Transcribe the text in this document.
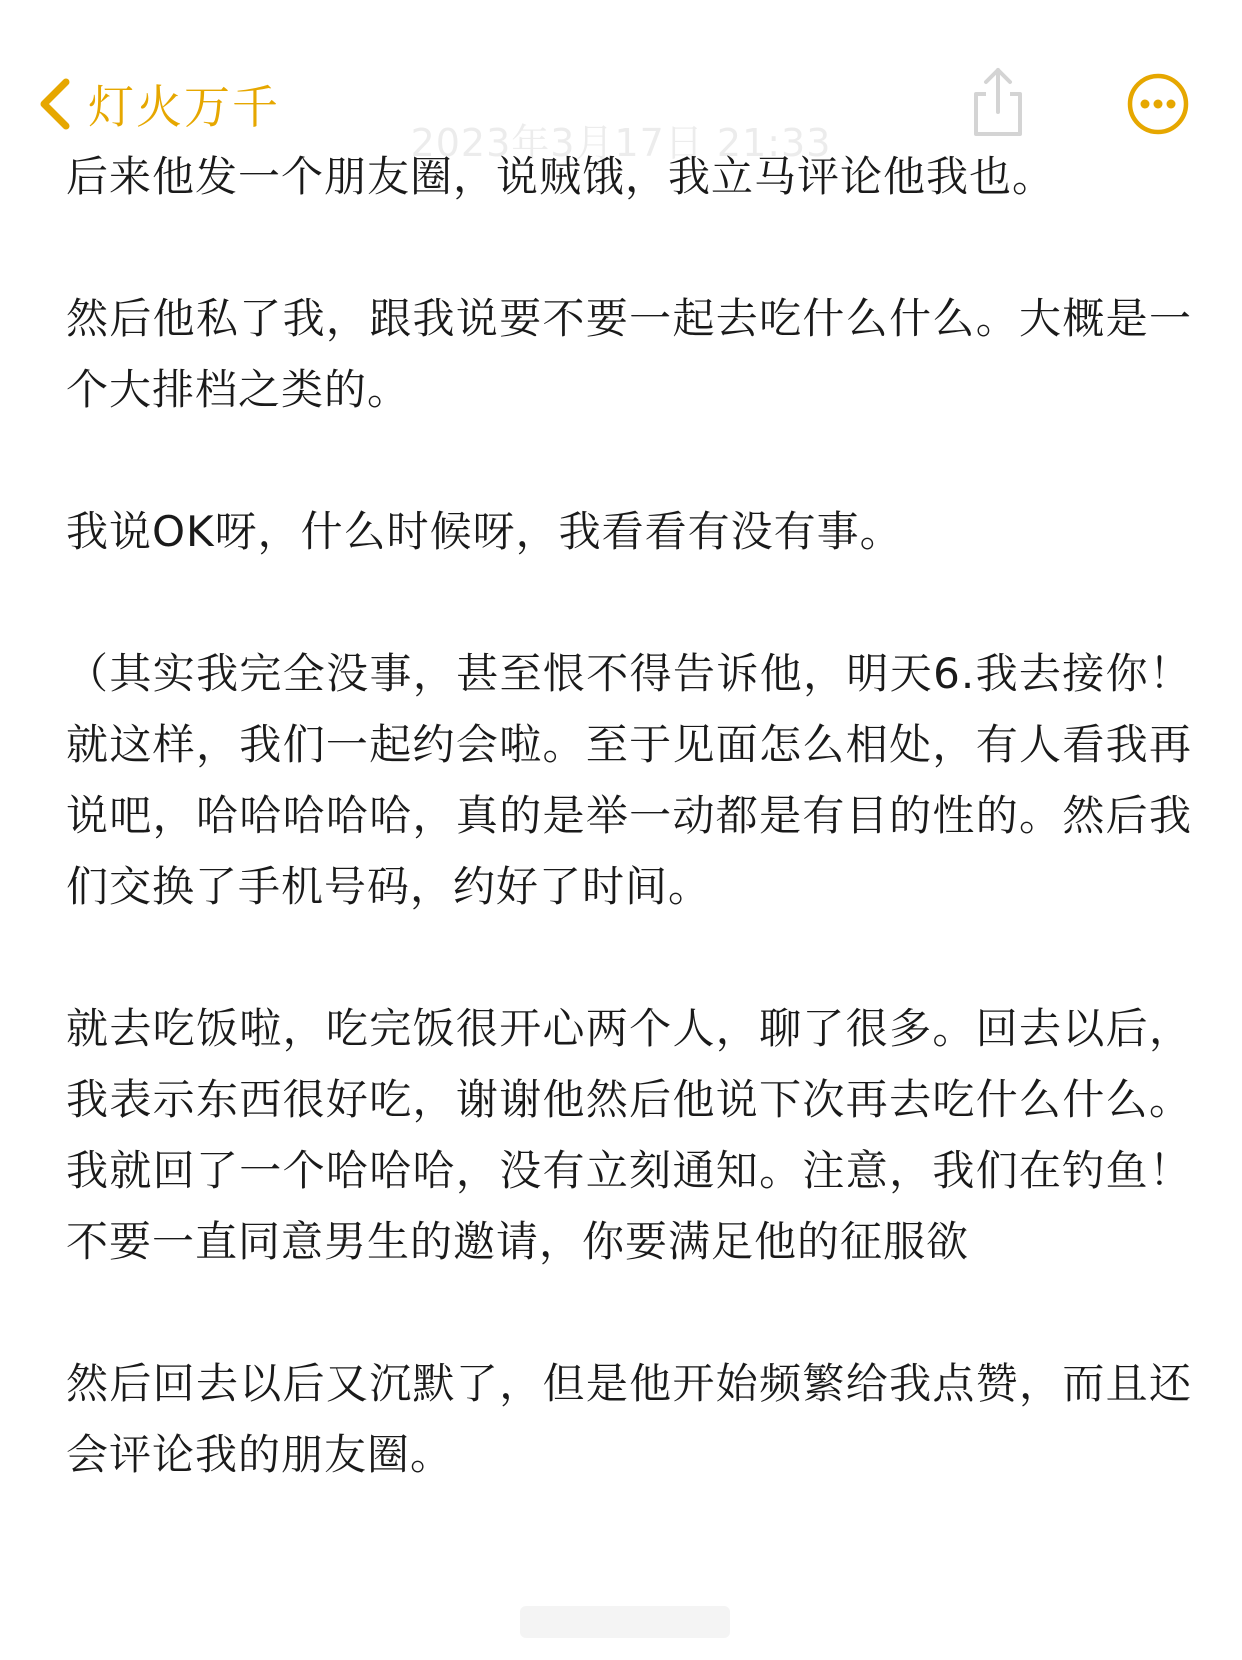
灯火万千
2023年3月17日 21:33

后来他发一个朋友圈，说贼饿，我立马评论他我也。

然后他私了我，跟我说要不要一起去吃什么什么。大概是一个大排档之类的。

我说OK呀，什么时候呀，我看看有没有事。

（其实我完全没事，甚至恨不得告诉他，明天6.我去接你！就这样，我们一起约会啦。至于见面怎么相处，有人看我再说吧，哈哈哈哈哈，真的是举一动都是有目的性的。然后我们交换了手机号码，约好了时间。

就去吃饭啦，吃完饭很开心两个人，聊了很多。回去以后，我表示东西很好吃，谢谢他然后他说下次再去吃什么什么。我就回了一个哈哈哈，没有立刻通知。注意，我们在钓鱼！不要一直同意男生的邀请，你要满足他的征服欲

然后回去以后又沉默了，但是他开始频繁给我点赞，而且还会评论我的朋友圈。
